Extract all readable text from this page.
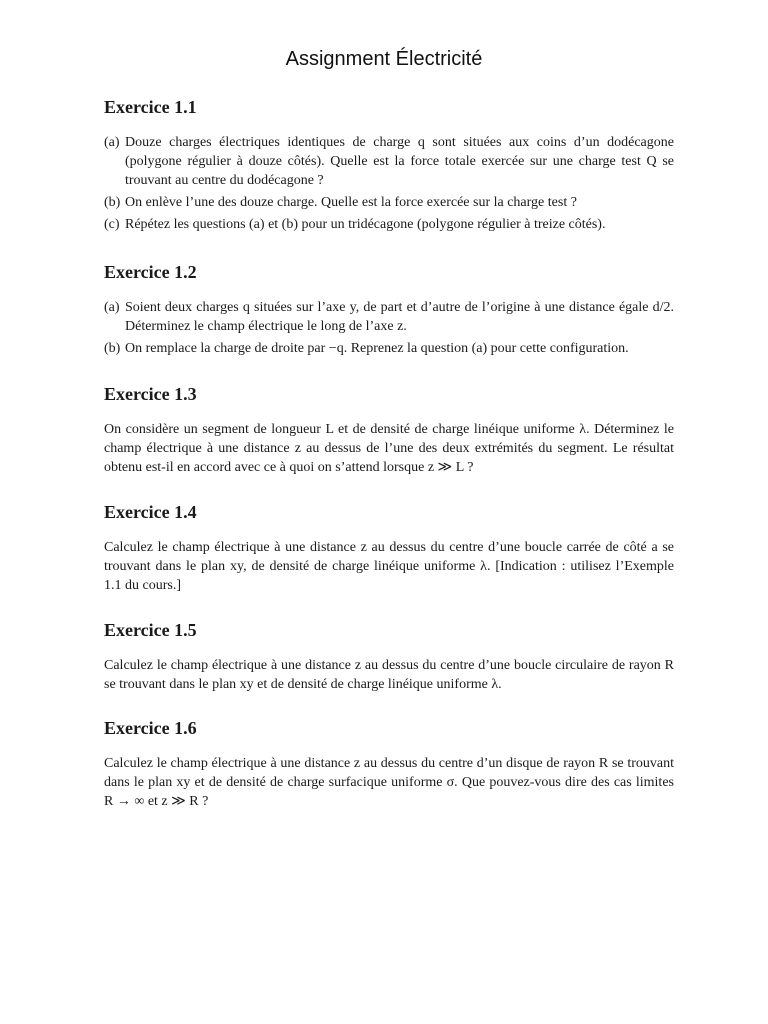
Assignment Électricité
Exercice 1.1
(a) Douze charges électriques identiques de charge q sont situées aux coins d’un dodécagone (polygone régulier à douze côtés). Quelle est la force totale exercée sur une charge test Q se trouvant au centre du dodécagone ?
(b) On enlève l’une des douze charge. Quelle est la force exercée sur la charge test ?
(c) Répétez les questions (a) et (b) pour un tridécagone (polygone régulier à treize côtés).
Exercice 1.2
(a) Soient deux charges q situées sur l’axe y, de part et d’autre de l’origine à une distance égale d/2. Déterminez le champ électrique le long de l’axe z.
(b) On remplace la charge de droite par −q. Reprenez la question (a) pour cette configuration.
Exercice 1.3

On considère un segment de longueur L et de densité de charge linéique uniforme λ. Déterminez le champ électrique à une distance z au dessus de l’une des deux extrémités du segment. Le résultat obtenu est-il en accord avec ce à quoi on s’attend lorsque z ≫ L ?

Exercice 1.4

Calculez le champ électrique à une distance z au dessus du centre d’une boucle carrée de côté a se trouvant dans le plan xy, de densité de charge linéique uniforme λ. [Indication : utilisez l’Exemple 1.1 du cours.]

Exercice 1.5

Calculez le champ électrique à une distance z au dessus du centre d’une boucle circulaire de rayon R se trouvant dans le plan xy et de densité de charge linéique uniforme λ.

Exercice 1.6

Calculez le champ électrique à une distance z au dessus du centre d’un disque de rayon R se trouvant dans le plan xy et de densité de charge surfacique uniforme σ. Que pouvez-vous dire des cas limites R → ∞ et z ≫ R ?
